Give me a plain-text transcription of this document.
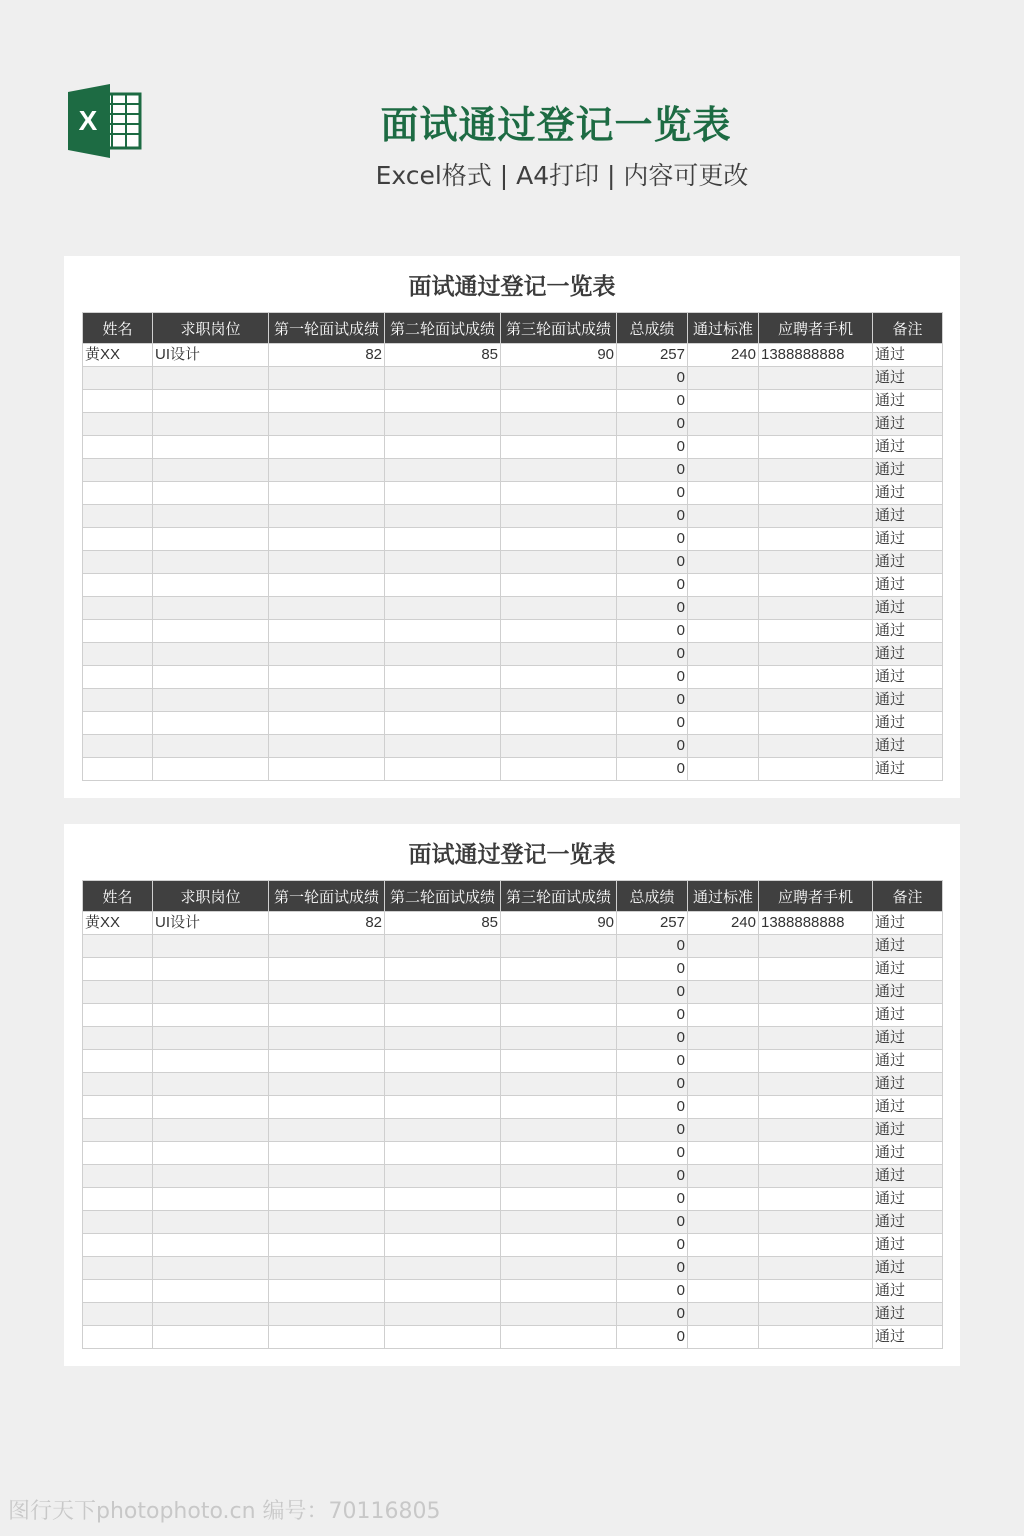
X	面试通过登记一览表
Excel格式 | A4打印 | 内容可更改
面试通过登记一览表
姓名	求职岗位	第一轮面试成绩	第二轮面试成绩	第三轮面试成绩	总成绩	通过标准	应聘者手机	备注
黄XX	UI设计	82	85	90	257	240	1388888888	通过
					0			通过
					0			通过
					0			通过
					0			通过
					0			通过
					0			通过
					0			通过
					0			通过
					0			通过
					0			通过
					0			通过
					0			通过
					0			通过
					0			通过
					0			通过
					0			通过
					0			通过
					0			通过
面试通过登记一览表
姓名	求职岗位	第一轮面试成绩	第二轮面试成绩	第三轮面试成绩	总成绩	通过标准	应聘者手机	备注
黄XX	UI设计	82	85	90	257	240	1388888888	通过
					0			通过
					0			通过
					0			通过
					0			通过
					0			通过
					0			通过
					0			通过
					0			通过
					0			通过
					0			通过
					0			通过
					0			通过
					0			通过
					0			通过
					0			通过
					0			通过
					0			通过
					0			通过
图行天下photophoto.cn 编号：70116805
